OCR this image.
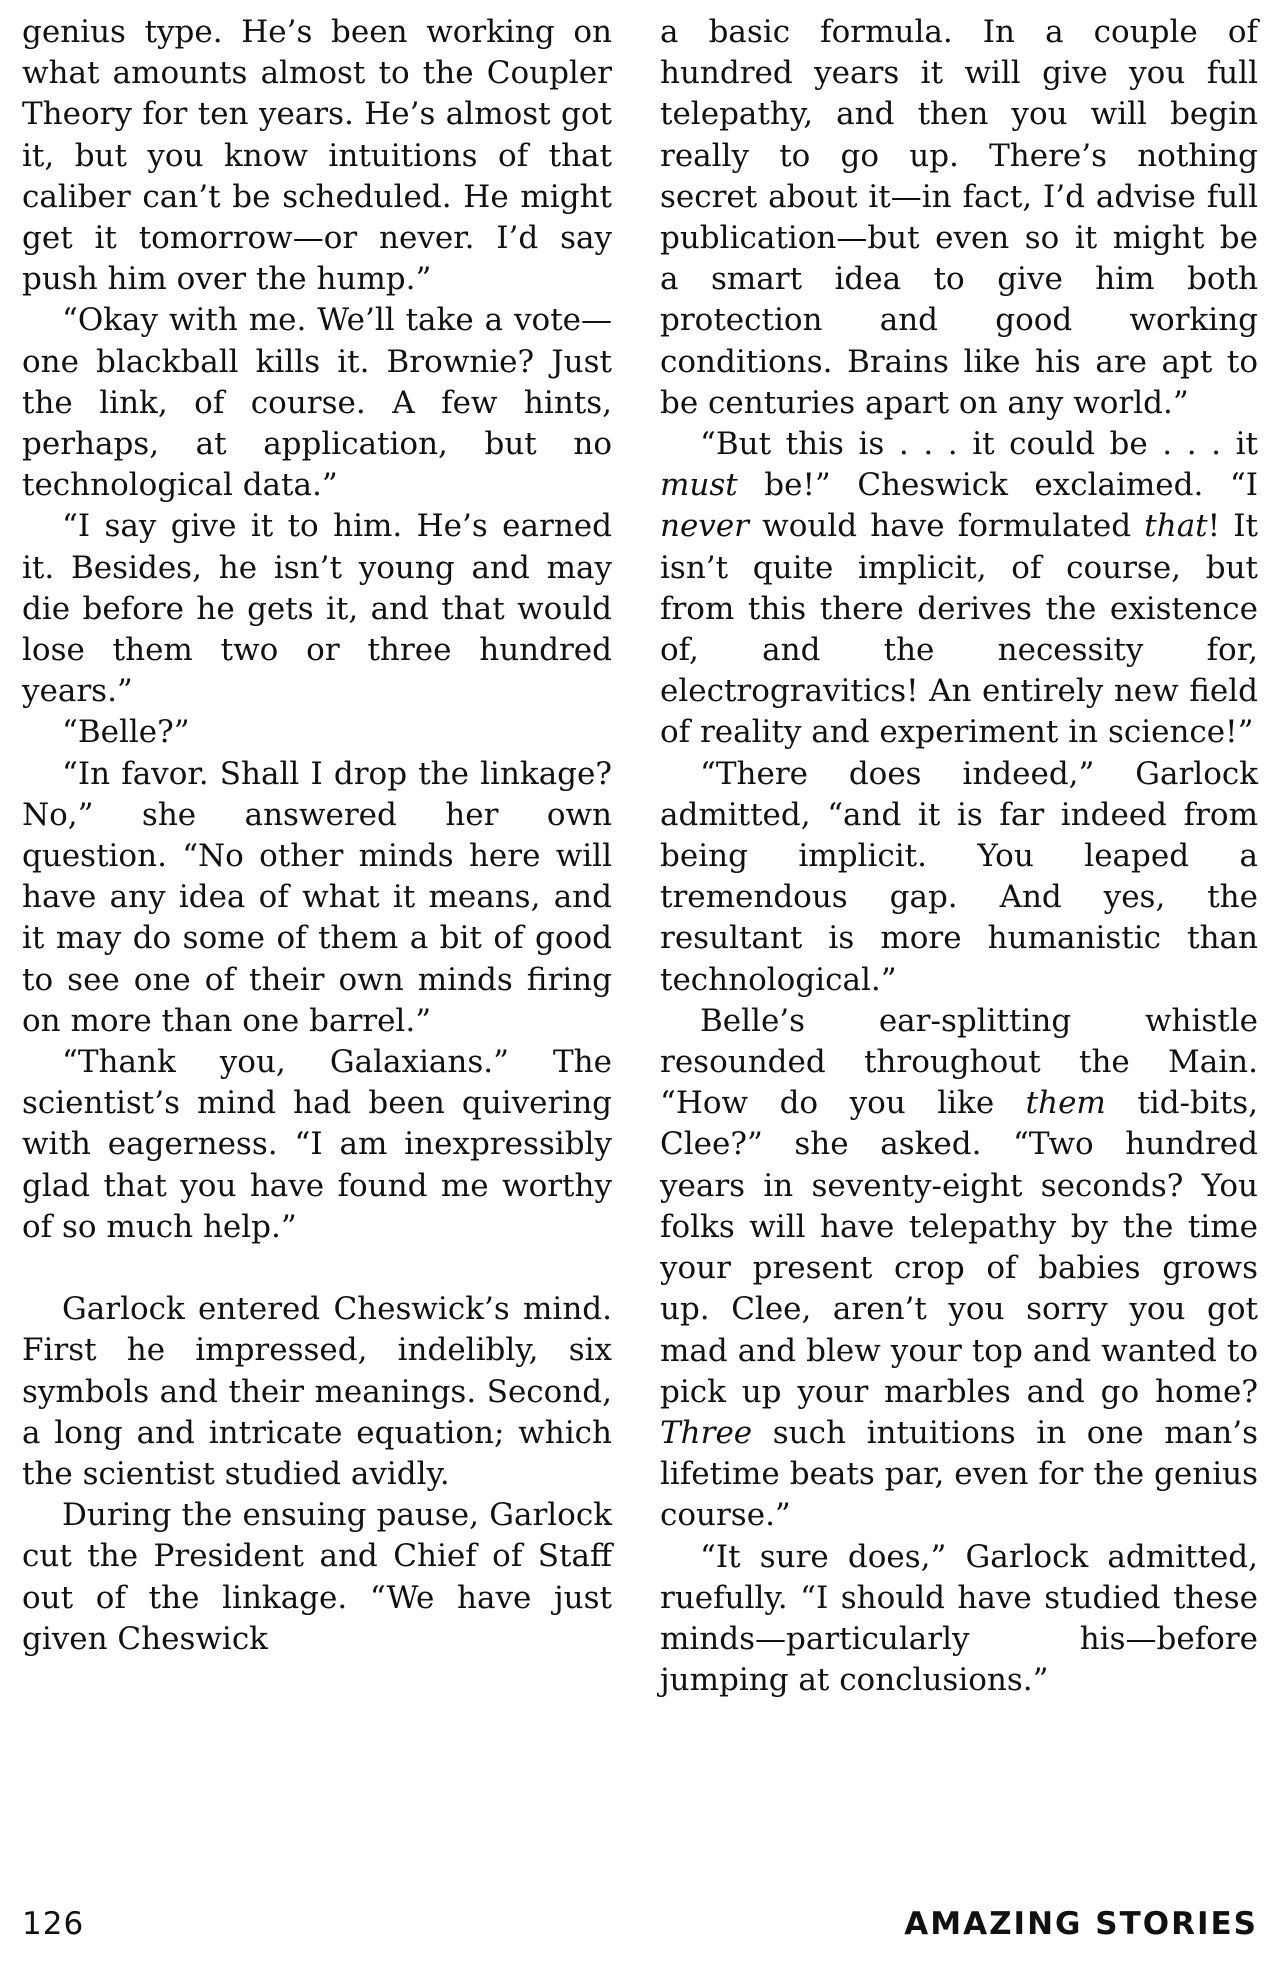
genius type. He’s been working on what amounts almost to the Coupler Theory for ten years. He’s almost got it, but you know intuitions of that caliber can’t be scheduled. He might get it tomorrow—or never. I’d say push him over the hump.”

“Okay with me. We’ll take a vote—one blackball kills it. Brownie? Just the link, of course. A few hints, perhaps, at application, but no technological data.”

“I say give it to him. He’s earned it. Besides, he isn’t young and may die before he gets it, and that would lose them two or three hundred years.”

“Belle?”

“In favor. Shall I drop the linkage? No,” she answered her own question. “No other minds here will have any idea of what it means, and it may do some of them a bit of good to see one of their own minds firing on more than one barrel.”

“Thank you, Galaxians.” The scientist’s mind had been quivering with eagerness. “I am inexpressibly glad that you have found me worthy of so much help.”

Garlock entered Cheswick’s mind. First he impressed, indelibly, six symbols and their meanings. Second, a long and intricate equation; which the scientist studied avidly.

During the ensuing pause, Garlock cut the President and Chief of Staff out of the linkage. “We have just given Cheswick

a basic formula. In a couple of hundred years it will give you full telepathy, and then you will begin really to go up. There’s nothing secret about it—in fact, I’d advise full publication—but even so it might be a smart idea to give him both protection and good working conditions. Brains like his are apt to be centuries apart on any world.”

“But this is . . . it could be . . . it must be!” Cheswick exclaimed. “I never would have formulated that! It isn’t quite implicit, of course, but from this there derives the existence of, and the necessity for, electrogravitics! An entirely new field of reality and experiment in science!”

“There does indeed,” Garlock admitted, “and it is far indeed from being implicit. You leaped a tremendous gap. And yes, the resultant is more humanistic than technological.”

Belle’s ear-splitting whistle resounded throughout the Main. “How do you like them tid-bits, Clee?” she asked. “Two hundred years in seventy-eight seconds? You folks will have telepathy by the time your present crop of babies grows up. Clee, aren’t you sorry you got mad and blew your top and wanted to pick up your marbles and go home? Three such intuitions in one man’s lifetime beats par, even for the genius course.”

“It sure does,” Garlock admitted, ruefully. “I should have studied these minds—particularly his—before jumping at conclusions.”

126	AMAZING STORIES
